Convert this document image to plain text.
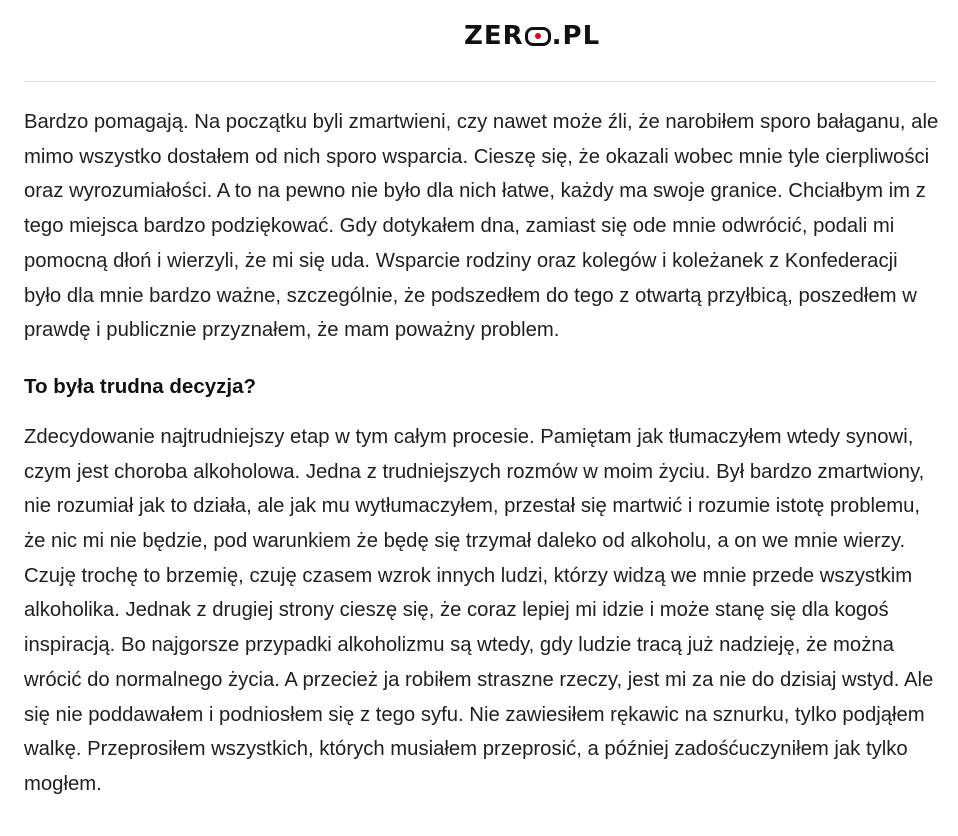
ZER .PL

Bardzo pomagają. Na początku byli zmartwieni, czy nawet może źli, że narobiłem sporo bałaganu, ale mimo wszystko dostałem od nich sporo wsparcia. Cieszę się, że okazali wobec mnie tyle cierpliwości oraz wyrozumiałości. A to na pewno nie było dla nich łatwe, każdy ma swoje granice. Chciałbym im z tego miejsca bardzo podziękować. Gdy dotykałem dna, zamiast się ode mnie odwrócić, podali mi pomocną dłoń i wierzyli, że mi się uda. Wsparcie rodziny oraz kolegów i koleżanek z Konfederacji było dla mnie bardzo ważne, szczególnie, że podszedłem do tego z otwartą przyłbicą, poszedłem w prawdę i publicznie przyznałem, że mam poważny problem.

To była trudna decyzja?

Zdecydowanie najtrudniejszy etap w tym całym procesie. Pamiętam jak tłumaczyłem wtedy synowi, czym jest choroba alkoholowa. Jedna z trudniejszych rozmów w moim życiu. Był bardzo zmartwiony, nie rozumiał jak to działa, ale jak mu wytłumaczyłem, przestał się martwić i rozumie istotę problemu, że nic mi nie będzie, pod warunkiem że będę się trzymał daleko od alkoholu, a on we mnie wierzy. Czuję trochę to brzemię, czuję czasem wzrok innych ludzi, którzy widzą we mnie przede wszystkim alkoholika. Jednak z drugiej strony cieszę się, że coraz lepiej mi idzie i może stanę się dla kogoś inspiracją. Bo najgorsze przypadki alkoholizmu są wtedy, gdy ludzie tracą już nadzieję, że można wrócić do normalnego życia. A przecież ja robiłem straszne rzeczy, jest mi za nie do dzisiaj wstyd. Ale się nie poddawałem i podniosłem się z tego syfu. Nie zawiesiłem rękawic na sznurku, tylko podjąłem walkę. Przeprosiłem wszystkich, których musiałem przeprosić, a później zadośćuczyniłem jak tylko mogłem.
